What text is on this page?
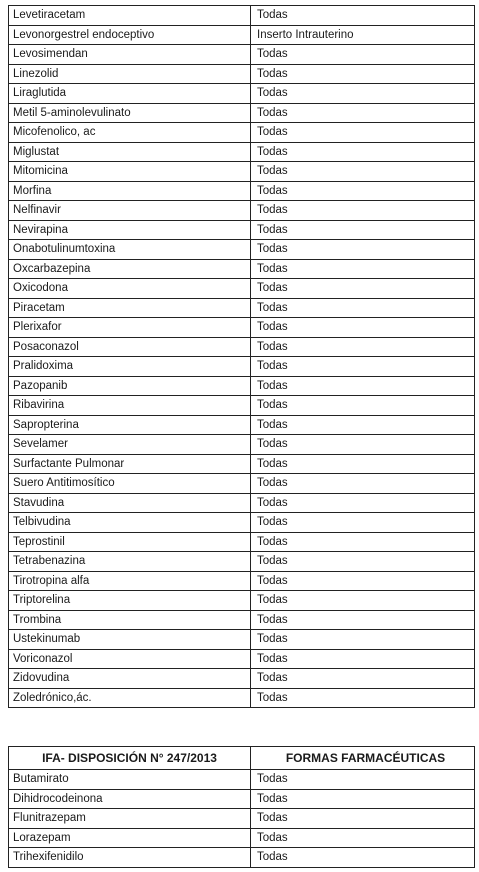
Levetiracetam	Todas
Levonorgestrel endoceptivo	Inserto Intrauterino
Levosimendan	Todas
Linezolid	Todas
Liraglutida	Todas
Metil 5-aminolevulinato	Todas
Micofenolico, ac	Todas
Miglustat	Todas
Mitomicina	Todas
Morfina	Todas
Nelfinavir	Todas
Nevirapina	Todas
Onabotulinumtoxina	Todas
Oxcarbazepina	Todas
Oxicodona	Todas
Piracetam	Todas
Plerixafor	Todas
Posaconazol	Todas
Pralidoxima	Todas
Pazopanib	Todas
Ribavirina	Todas
Sapropterina	Todas
Sevelamer	Todas
Surfactante Pulmonar	Todas
Suero Antitimosítico	Todas
Stavudina	Todas
Telbivudina	Todas
Teprostinil	Todas
Tetrabenazina	Todas
Tirotropina alfa	Todas
Triptorelina	Todas
Trombina	Todas
Ustekinumab	Todas
Voriconazol	Todas
Zidovudina	Todas
Zoledrónico,ác.	Todas
IFA- DISPOSICIÓN N° 247/2013	FORMAS FARMACÉUTICAS
Butamirato	Todas
Dihidrocodeinona	Todas
Flunitrazepam	Todas
Lorazepam	Todas
Trihexifenidilo	Todas
